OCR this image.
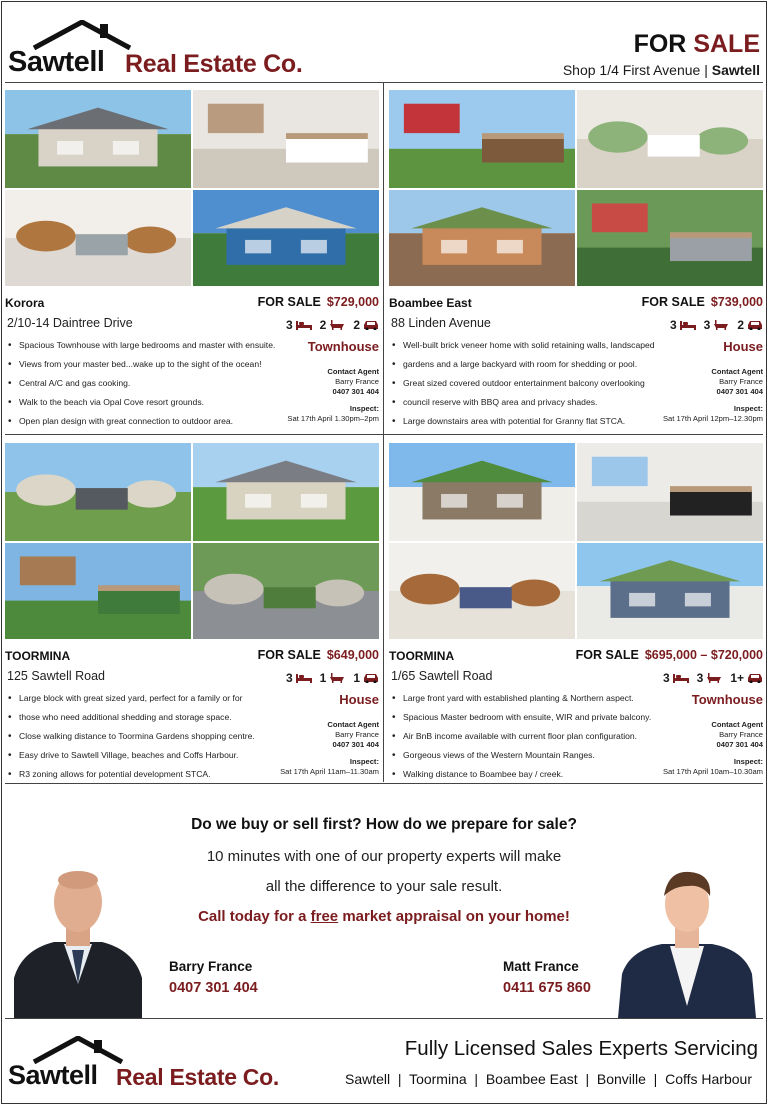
Sawtell Real Estate Co.
FOR SALE
Shop 1/4 First Avenue | Sawtell
Korora	FOR SALE $729,000
2/10-14 Daintree Drive	3 2 2
Townhouse
• Spacious Townhouse with large bedrooms and master with ensuite.
• Views from your master bed...wake up to the sight of the ocean!
• Central A/C and gas cooking.
• Walk to the beach via Opal Cove resort grounds.
• Open plan design with great connection to outdoor area.
Contact Agent
Barry France
0407 301 404
Inspect:
Sat 17th April 1.30pm–2pm
Boambee East	FOR SALE $739,000
88 Linden Avenue	3 3 2
House
• Well-built brick veneer home with solid retaining walls, landscaped
• gardens and a large backyard with room for shedding or pool.
• Great sized covered outdoor entertainment balcony overlooking
• council reserve with BBQ area and privacy shades.
• Large downstairs area with potential for Granny flat STCA.
Contact Agent
Barry France
0407 301 404
Inspect:
Sat 17th April 12pm–12.30pm
TOORMINA	FOR SALE $649,000
125 Sawtell Road	3 1 1
House
• Large block with great sized yard, perfect for a family or for
• those who need additional shedding and storage space.
• Close walking distance to Toormina Gardens shopping centre.
• Easy drive to Sawtell Village, beaches and Coffs Harbour.
• R3 zoning allows for potential development STCA.
Contact Agent
Barry France
0407 301 404
Inspect:
Sat 17th April 11am–11.30am
TOORMINA	FOR SALE $695,000 – $720,000
1/65 Sawtell Road	3 3 1+
Townhouse
• Large front yard with established planting & Northern aspect.
• Spacious Master bedroom with ensuite, WIR and private balcony.
• Air BnB income available with current floor plan configuration.
• Gorgeous views of the Western Mountain Ranges.
• Walking distance to Boambee bay / creek.
Contact Agent
Barry France
0407 301 404
Inspect:
Sat 17th April 10am–10.30am
Do we buy or sell first? How do we prepare for sale?
10 minutes with one of our property experts will make
all the difference to your sale result.
Call today for a free market appraisal on your home!
Barry France
0407 301 404
Matt France
0411 675 860
Sawtell Real Estate Co.
Fully Licensed Sales Experts Servicing
Sawtell  |  Toormina  |  Boambee East  |  Bonville  |  Coffs Harbour
